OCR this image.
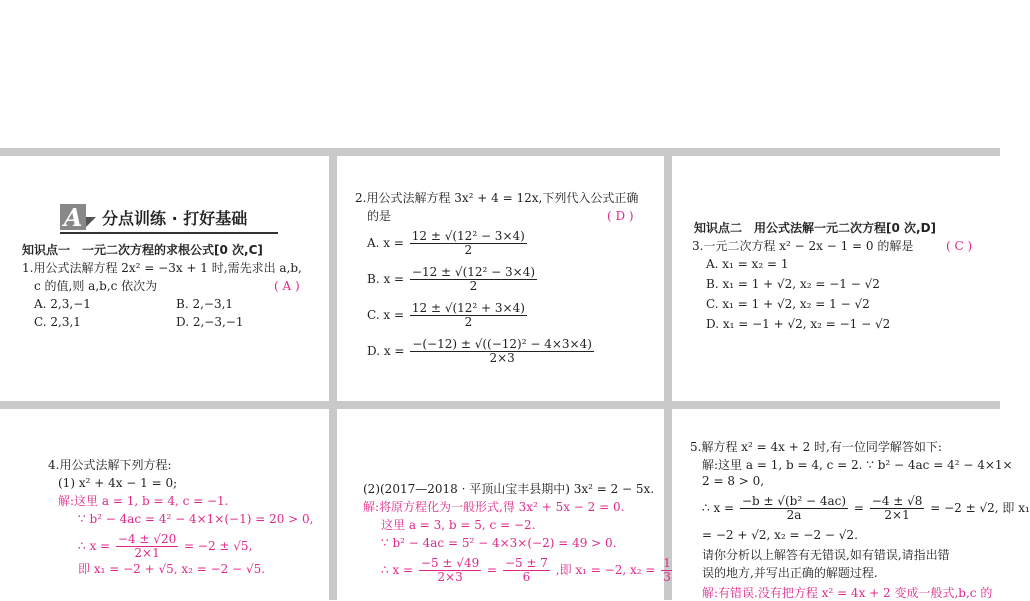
A 分点训练 · 打好基础
知识点一　一元二次方程的求根公式[0 次,C]
1.用公式法解方程 2x² = −3x + 1 时,需先求出 a,b,
c 的值,则 a,b,c 依次为	( A )
A. 2,3,−1	B. 2,−3,1
C. 2,3,1	D. 2,−3,−1
2.用公式法解方程 3x² + 4 = 12x,下列代入公式正确
的是	( D )
A. $x = \frac{\text{12 ± √(12² − 3×4)}}{2}$
B. $x = \frac{\text{−12 ± √(12² − 3×4)}}{2}$
C. $x = \frac{\text{12 ± √(12² + 3×4)}}{2}$
D. $x = \frac{\text{−(−12) ± √((−12)² − 4×3×4)}}{2\times 3}$
知识点二　用公式法解一元二次方程[0 次,D]
3.一元二次方程 x² − 2x − 1 = 0 的解是	( C )
A. x₁ = x₂ = 1
B. x₁ = 1 + √2, x₂ = −1 − √2
C. x₁ = 1 + √2, x₂ = 1 − √2
D. x₁ = −1 + √2, x₂ = −1 − √2
4.用公式法解下列方程:
(1) x² + 4x − 1 = 0;
解:这里 a = 1, b = 4, c = −1.
∵ b² − 4ac = 4² − 4×1×(−1) = 20 > 0,
∴ $x = \frac{-4 \pm √20}{2\times 1} = -2 \pm √5$,
即 x₁ = −2 + √5, x₂ = −2 − √5.
(2)(2017—2018 · 平顶山宝丰县期中) 3x² = 2 − 5x.
解:将原方程化为一般形式,得 3x² + 5x − 2 = 0.
这里 a = 3, b = 5, c = −2.
∵ b² − 4ac = 5² − 4×3×(−2) = 49 > 0.
∴ $x = \frac{-5 \pm √49}{2\times 3} = \frac{-5 \pm 7}{6}$ ,即 x₁ = −2, $x_2 = \frac{1}{3}$
5.解方程 x² = 4x + 2 时,有一位同学解答如下:
解:这里 a = 1, b = 4, c = 2. ∵ b² − 4ac = 4² − 4×1×
2 = 8 > 0,
∴ $x = \frac{\text{−b ± √(b² − 4ac)}}{2a} = \frac{-4 \pm √8}{2\times 1} = -2 \pm √2$, 即 x₁
= −2 + √2, x₂ = −2 − √2.
请你分析以上解答有无错误,如有错误,请指出错
误的地方,并写出正确的解题过程.
解:有错误.没有把方程 x² = 4x + 2 变成一般式,b,c 的
